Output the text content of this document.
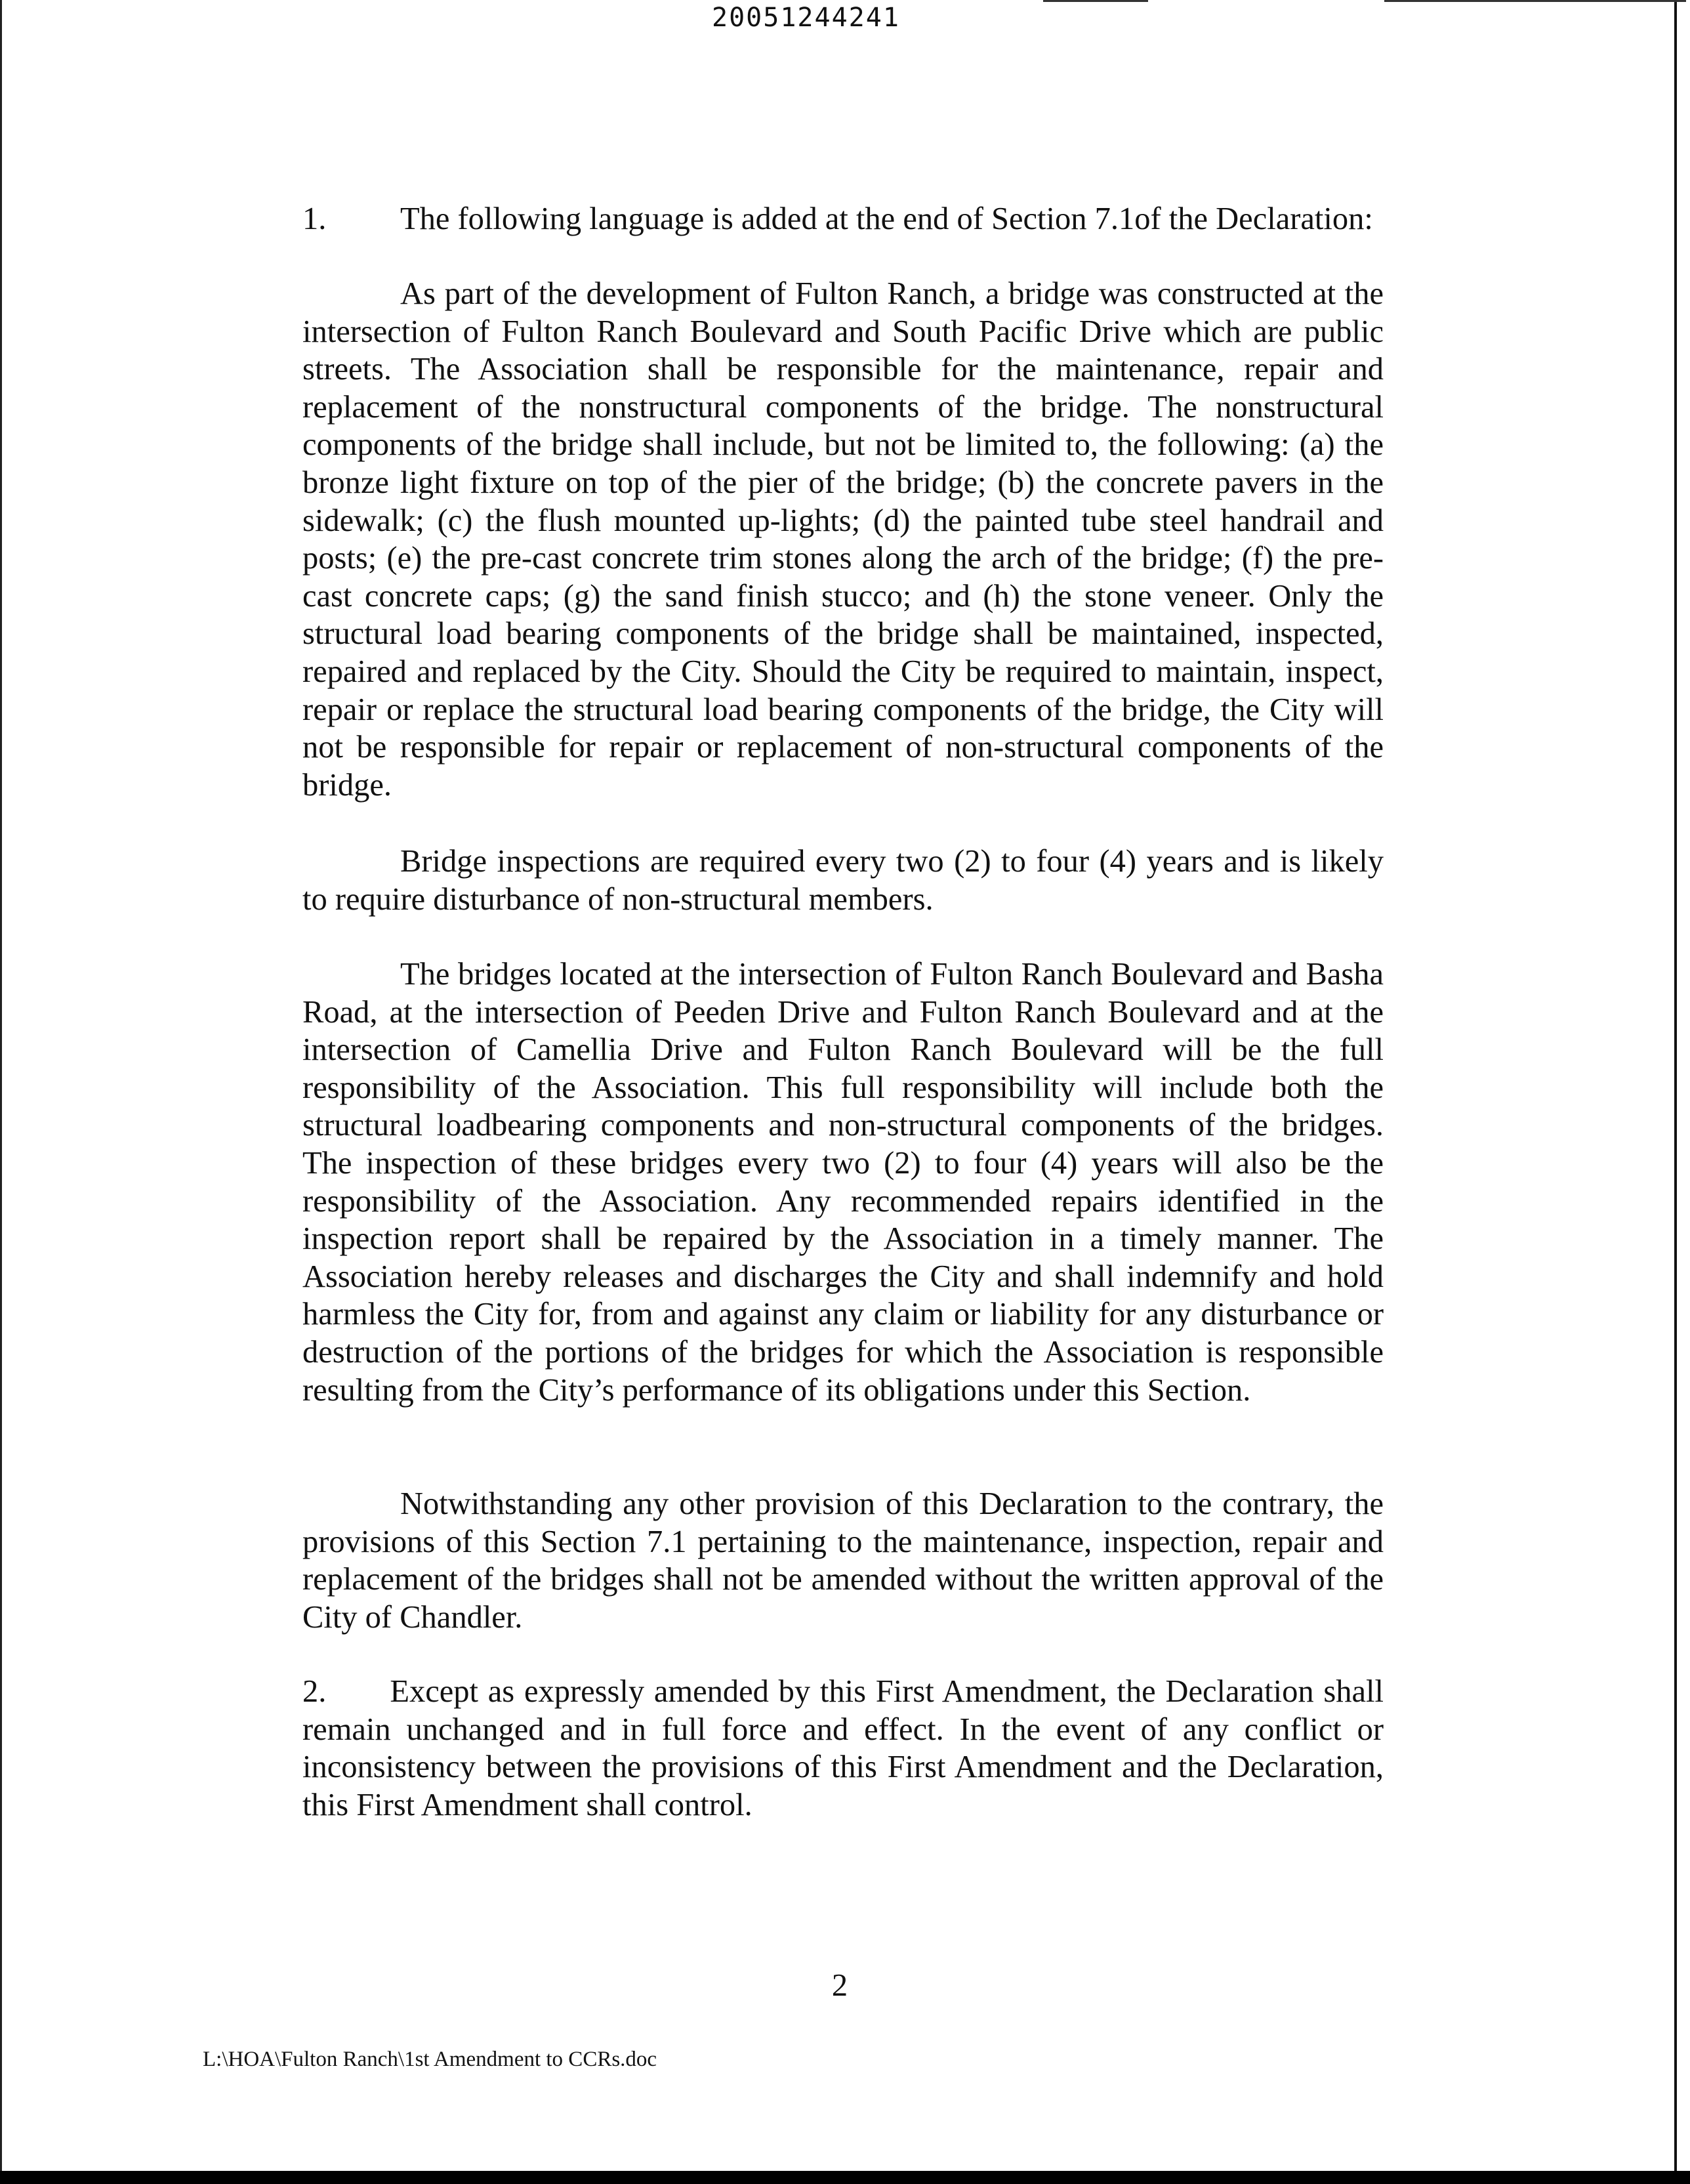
20051244241
1. The following language is added at the end of Section 7.1of the Declaration:
As part of the development of Fulton Ranch, a bridge was constructed at the intersection of Fulton Ranch Boulevard and South Pacific Drive which are public streets. The Association shall be responsible for the maintenance, repair and replacement of the nonstructural components of the bridge. The nonstructural components of the bridge shall include, but not be limited to, the following: (a) the bronze light fixture on top of the pier of the bridge; (b) the concrete pavers in the sidewalk; (c) the flush mounted up-lights; (d) the painted tube steel handrail and posts; (e) the pre-cast concrete trim stones along the arch of the bridge; (f) the pre-cast concrete caps; (g) the sand finish stucco; and (h) the stone veneer. Only the structural load bearing components of the bridge shall be maintained, inspected, repaired and replaced by the City. Should the City be required to maintain, inspect, repair or replace the structural load bearing components of the bridge, the City will not be responsible for repair or replacement of non-structural components of the bridge.
Bridge inspections are required every two (2) to four (4) years and is likely to require disturbance of non-structural members.
The bridges located at the intersection of Fulton Ranch Boulevard and Basha Road, at the intersection of Peeden Drive and Fulton Ranch Boulevard and at the intersection of Camellia Drive and Fulton Ranch Boulevard will be the full responsibility of the Association. This full responsibility will include both the structural loadbearing components and non-structural components of the bridges. The inspection of these bridges every two (2) to four (4) years will also be the responsibility of the Association. Any recommended repairs identified in the inspection report shall be repaired by the Association in a timely manner. The Association hereby releases and discharges the City and shall indemnify and hold harmless the City for, from and against any claim or liability for any disturbance or destruction of the portions of the bridges for which the Association is responsible resulting from the City’s performance of its obligations under this Section.
Notwithstanding any other provision of this Declaration to the contrary, the provisions of this Section 7.1 pertaining to the maintenance, inspection, repair and replacement of the bridges shall not be amended without the written approval of the City of Chandler.
2. Except as expressly amended by this First Amendment, the Declaration shall remain unchanged and in full force and effect. In the event of any conflict or inconsistency between the provisions of this First Amendment and the Declaration, this First Amendment shall control.
2
L:\HOA\Fulton Ranch\1st Amendment to CCRs.doc
